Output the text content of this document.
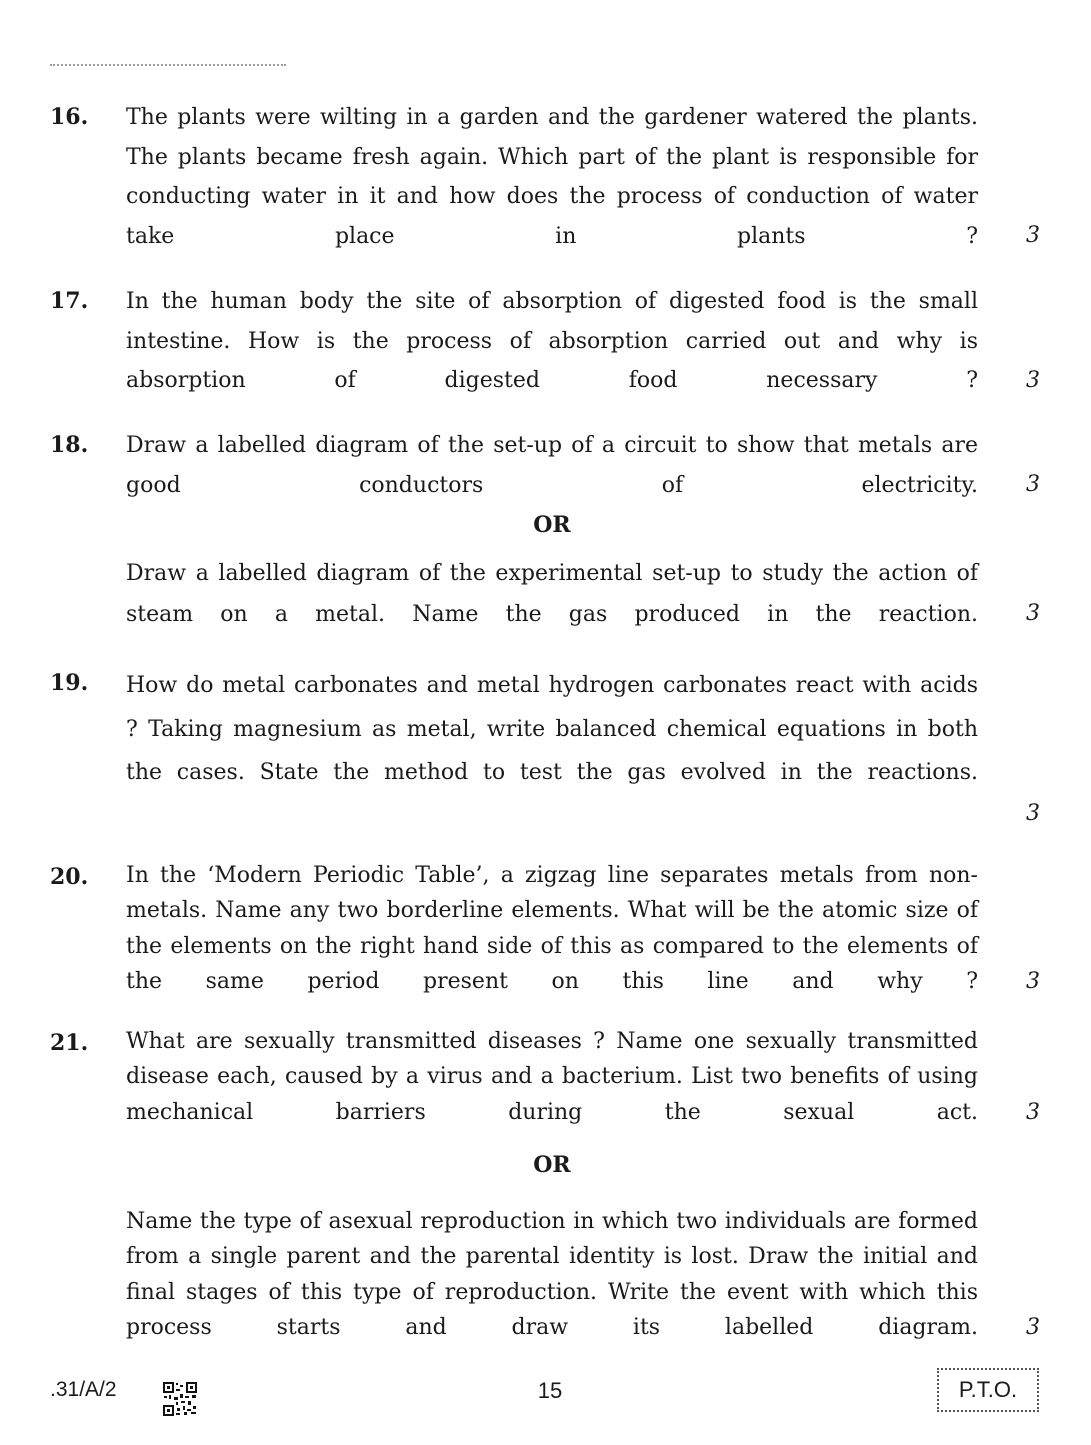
16. The plants were wilting in a garden and the gardener watered the plants. The plants became fresh again. Which part of the plant is responsible for conducting water in it and how does the process of conduction of water take place in plants ? 3
17. In the human body the site of absorption of digested food is the small intestine. How is the process of absorption carried out and why is absorption of digested food necessary ? 3
18. Draw a labelled diagram of the set-up of a circuit to show that metals are good conductors of electricity. 3
OR

Draw a labelled diagram of the experimental set-up to study the action of steam on a metal. Name the gas produced in the reaction. 3
19. How do metal carbonates and metal hydrogen carbonates react with acids ? Taking magnesium as metal, write balanced chemical equations in both the cases. State the method to test the gas evolved in the reactions.

3
20. In the ‘Modern Periodic Table’, a zigzag line separates metals from non-metals. Name any two borderline elements. What will be the atomic size of the elements on the right hand side of this as compared to the elements of the same period present on this line and why ? 3
21. What are sexually transmitted diseases ? Name one sexually transmitted disease each, caused by a virus and a bacterium. List two benefits of using mechanical barriers during the sexual act. 3
OR

Name the type of asexual reproduction in which two individuals are formed from a single parent and the parental identity is lost. Draw the initial and final stages of this type of reproduction. Write the event with which this process starts and draw its labelled diagram. 3
.31/A/2	15	P.T.O.
